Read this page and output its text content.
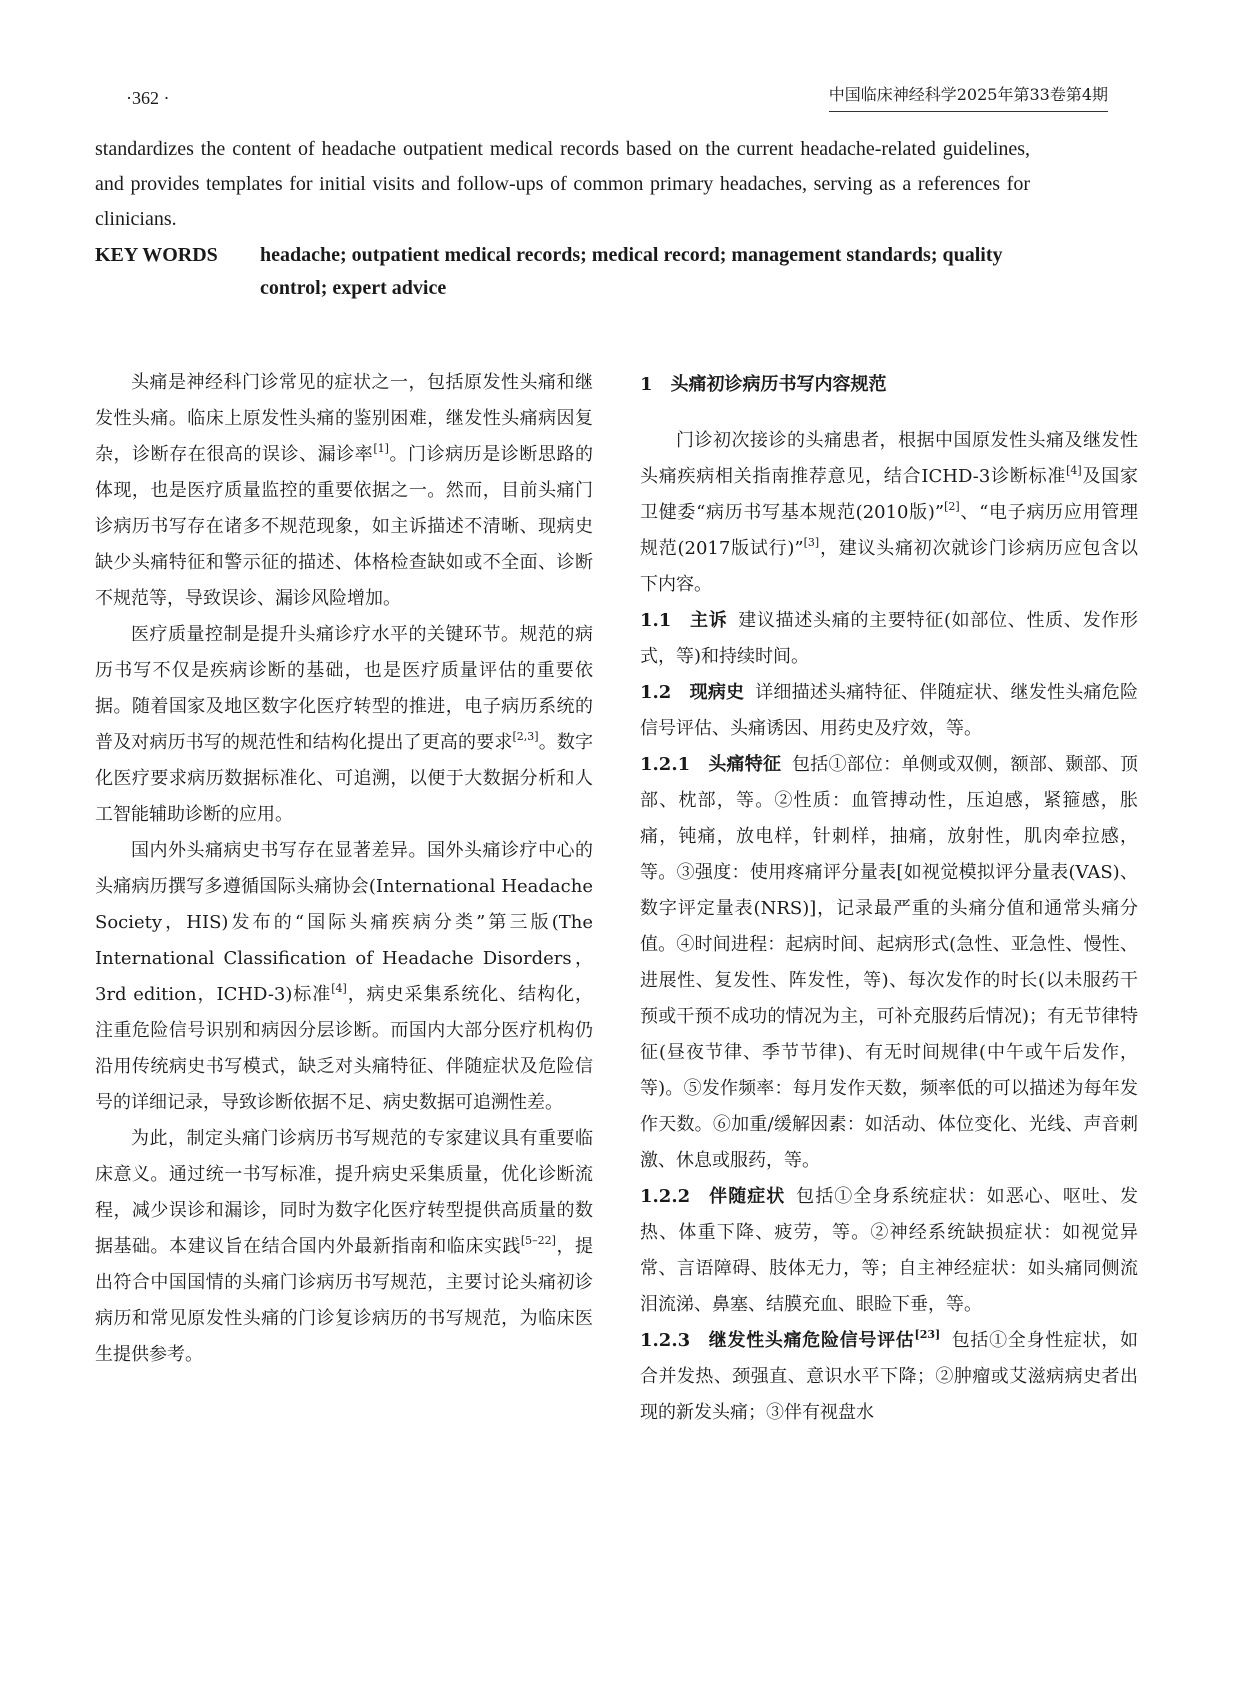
·362 ·	中国临床神经科学2025年第33卷第4期

standardizes the content of headache outpatient medical records based on the current headache-related guidelines, and provides templates for initial visits and follow-ups of common primary headaches, serving as a references for clinicians.

KEY WORDS	headache; outpatient medical records; medical record; management standards; quality control; expert advice

头痛是神经科门诊常见的症状之一，包括原发性头痛和继发性头痛。临床上原发性头痛的鉴别困难，继发性头痛病因复杂，诊断存在很高的误诊、漏诊率[1]。门诊病历是诊断思路的体现，也是医疗质量监控的重要依据之一。然而，目前头痛门诊病历书写存在诸多不规范现象，如主诉描述不清晰、现病史缺少头痛特征和警示征的描述、体格检查缺如或不全面、诊断不规范等，导致误诊、漏诊风险增加。

医疗质量控制是提升头痛诊疗水平的关键环节。规范的病历书写不仅是疾病诊断的基础，也是医疗质量评估的重要依据。随着国家及地区数字化医疗转型的推进，电子病历系统的普及对病历书写的规范性和结构化提出了更高的要求[2,3]。数字化医疗要求病历数据标准化、可追溯，以便于大数据分析和人工智能辅助诊断的应用。

国内外头痛病史书写存在显著差异。国外头痛诊疗中心的头痛病历撰写多遵循国际头痛协会(International Headache Society，HIS)发布的“国际头痛疾病分类”第三版(The International Classification of Headache Disorders，3rd edition，ICHD-3)标准[4]，病史采集系统化、结构化，注重危险信号识别和病因分层诊断。而国内大部分医疗机构仍沿用传统病史书写模式，缺乏对头痛特征、伴随症状及危险信号的详细记录，导致诊断依据不足、病史数据可追溯性差。

为此，制定头痛门诊病历书写规范的专家建议具有重要临床意义。通过统一书写标准，提升病史采集质量，优化诊断流程，减少误诊和漏诊，同时为数字化医疗转型提供高质量的数据基础。本建议旨在结合国内外最新指南和临床实践[5–22]，提出符合中国国情的头痛门诊病历书写规范，主要讨论头痛初诊病历和常见原发性头痛的门诊复诊病历的书写规范，为临床医生提供参考。

1 头痛初诊病历书写内容规范

门诊初次接诊的头痛患者，根据中国原发性头痛及继发性头痛疾病相关指南推荐意见，结合ICHD-3诊断标准[4]及国家卫健委“病历书写基本规范(2010版)”[2]、“电子病历应用管理规范(2017版试行)”[3]，建议头痛初次就诊门诊病历应包含以下内容。

1.1 主诉 建议描述头痛的主要特征(如部位、性质、发作形式，等)和持续时间。

1.2 现病史 详细描述头痛特征、伴随症状、继发性头痛危险信号评估、头痛诱因、用药史及疗效，等。

1.2.1 头痛特征 包括①部位：单侧或双侧，额部、颞部、顶部、枕部，等。②性质：血管搏动性，压迫感，紧箍感，胀痛，钝痛，放电样，针刺样，抽痛，放射性，肌肉牵拉感，等。③强度：使用疼痛评分量表[如视觉模拟评分量表(VAS)、数字评定量表(NRS)]，记录最严重的头痛分值和通常头痛分值。④时间进程：起病时间、起病形式(急性、亚急性、慢性、进展性、复发性、阵发性，等)、每次发作的时长(以未服药干预或干预不成功的情况为主，可补充服药后情况)；有无节律特征(昼夜节律、季节节律)、有无时间规律(中午或午后发作，等)。⑤发作频率：每月发作天数，频率低的可以描述为每年发作天数。⑥加重/缓解因素：如活动、体位变化、光线、声音刺激、休息或服药，等。

1.2.2 伴随症状 包括①全身系统症状：如恶心、呕吐、发热、体重下降、疲劳，等。②神经系统缺损症状：如视觉异常、言语障碍、肢体无力，等；自主神经症状：如头痛同侧流泪流涕、鼻塞、结膜充血、眼睑下垂，等。

1.2.3 继发性头痛危险信号评估[23] 包括①全身性症状，如合并发热、颈强直、意识水平下降；②肿瘤或艾滋病病史者出现的新发头痛；③伴有视盘水
